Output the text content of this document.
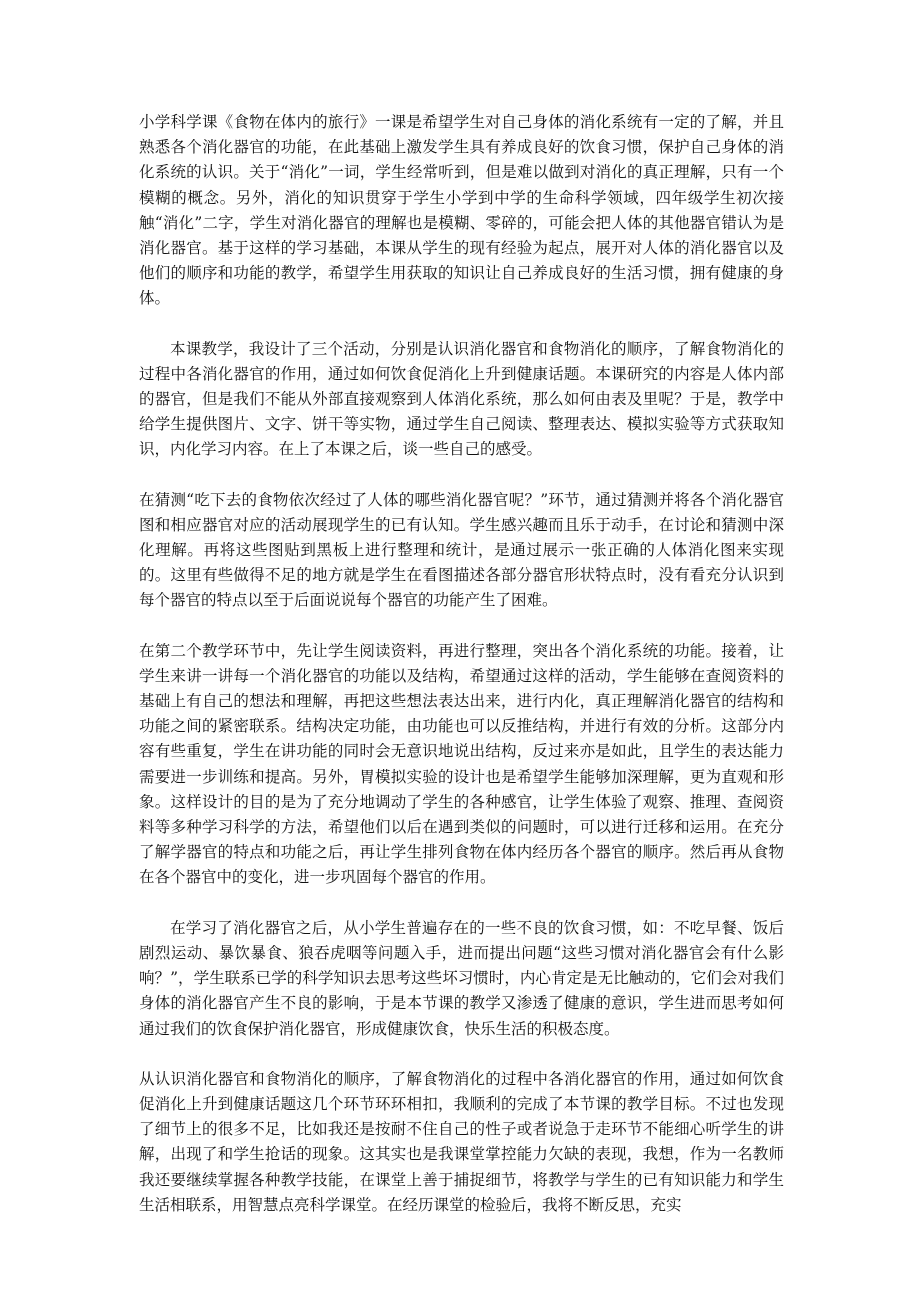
小学科学课《食物在体内的旅行》一课是希望学生对自己身体的消化系统有一定的了解，并且熟悉各个消化器官的功能，在此基础上激发学生具有养成良好的饮食习惯，保护自己身体的消化系统的认识。关于“消化”一词，学生经常听到，但是难以做到对消化的真正理解，只有一个模糊的概念。另外，消化的知识贯穿于学生小学到中学的生命科学领域，四年级学生初次接触“消化”二字，学生对消化器官的理解也是模糊、零碎的，可能会把人体的其他器官错认为是消化器官。基于这样的学习基础，本课从学生的现有经验为起点，展开对人体的消化器官以及他们的顺序和功能的教学，希望学生用获取的知识让自己养成良好的生活习惯，拥有健康的身体。

本课教学，我设计了三个活动，分别是认识消化器官和食物消化的顺序，了解食物消化的过程中各消化器官的作用，通过如何饮食促消化上升到健康话题。本课研究的内容是人体内部的器官，但是我们不能从外部直接观察到人体消化系统，那么如何由表及里呢？于是，教学中给学生提供图片、文字、饼干等实物，通过学生自己阅读、整理表达、模拟实验等方式获取知识，内化学习内容。在上了本课之后，谈一些自己的感受。

在猜测“吃下去的食物依次经过了人体的哪些消化器官呢？”环节，通过猜测并将各个消化器官图和相应器官对应的活动展现学生的已有认知。学生感兴趣而且乐于动手，在讨论和猜测中深化理解。再将这些图贴到黑板上进行整理和统计，是通过展示一张正确的人体消化图来实现的。这里有些做得不足的地方就是学生在看图描述各部分器官形状特点时，没有看充分认识到每个器官的特点以至于后面说说每个器官的功能产生了困难。

在第二个教学环节中，先让学生阅读资料，再进行整理，突出各个消化系统的功能。接着，让学生来讲一讲每一个消化器官的功能以及结构，希望通过这样的活动，学生能够在查阅资料的基础上有自己的想法和理解，再把这些想法表达出来，进行内化，真正理解消化器官的结构和功能之间的紧密联系。结构决定功能，由功能也可以反推结构，并进行有效的分析。这部分内容有些重复，学生在讲功能的同时会无意识地说出结构，反过来亦是如此，且学生的表达能力需要进一步训练和提高。另外，胃模拟实验的设计也是希望学生能够加深理解，更为直观和形象。这样设计的目的是为了充分地调动了学生的各种感官，让学生体验了观察、推理、查阅资料等多种学习科学的方法，希望他们以后在遇到类似的问题时，可以进行迁移和运用。在充分了解学器官的特点和功能之后，再让学生排列食物在体内经历各个器官的顺序。然后再从食物在各个器官中的变化，进一步巩固每个器官的作用。

在学习了消化器官之后，从小学生普遍存在的一些不良的饮食习惯，如：不吃早餐、饭后剧烈运动、暴饮暴食、狼吞虎咽等问题入手，进而提出问题“这些习惯对消化器官会有什么影响？”，学生联系已学的科学知识去思考这些坏习惯时，内心肯定是无比触动的，它们会对我们身体的消化器官产生不良的影响，于是本节课的教学又渗透了健康的意识，学生进而思考如何通过我们的饮食保护消化器官，形成健康饮食，快乐生活的积极态度。

从认识消化器官和食物消化的顺序，了解食物消化的过程中各消化器官的作用，通过如何饮食促消化上升到健康话题这几个环节环环相扣，我顺利的完成了本节课的教学目标。不过也发现了细节上的很多不足，比如我还是按耐不住自己的性子或者说急于走环节不能细心听学生的讲解，出现了和学生抢话的现象。这其实也是我课堂掌控能力欠缺的表现，我想，作为一名教师我还要继续掌握各种教学技能，在课堂上善于捕捉细节，将教学与学生的已有知识能力和学生生活相联系，用智慧点亮科学课堂。在经历课堂的检验后，我将不断反思，充实
